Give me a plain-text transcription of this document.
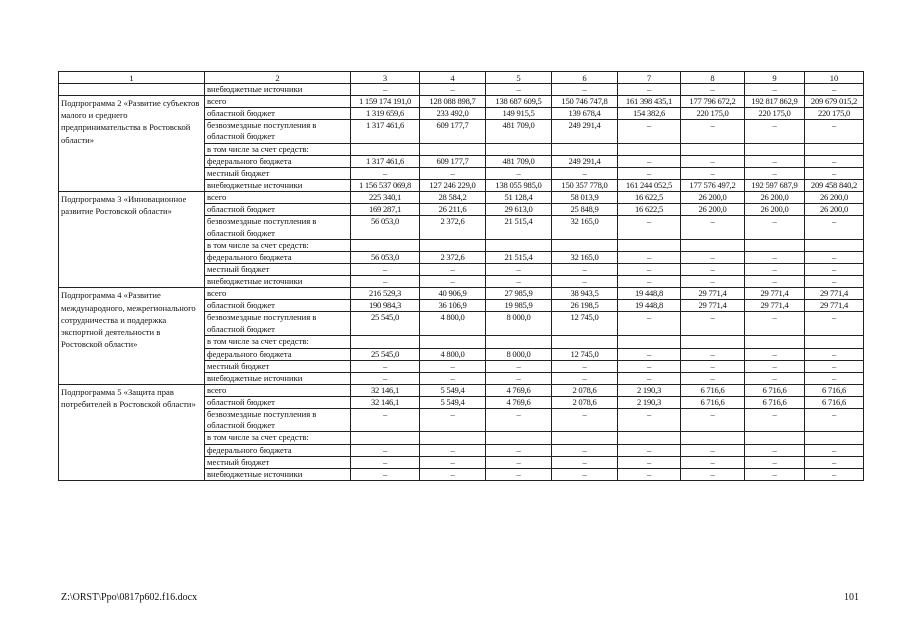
1	2	3	4	5	6	7	8	9	10
	внебюджетные источники	–	–	–	–	–	–	–	–
Подпрограмма 2 «Развитие субъектов малого и среднего предпринимательства в Ростовской области»	всего	1 159 174 191,0	128 088 898,7	138 687 609,5	150 746 747,8	161 398 435,1	177 796 672,2	192 817 862,9	209 679 015,2
	областной бюджет	1 319 659,6	233 492,0	149 915,5	139 678,4	154 382,6	220 175,0	220 175,0	220 175,0
	безвозмездные поступления в областной бюджет	1 317 461,6	609 177,7	481 709,0	249 291,4	–	–	–	–
	в том числе за счет средств:								
	федерального бюджета	1 317 461,6	609 177,7	481 709,0	249 291,4	–	–	–	–
	местный бюджет	–	–	–	–	–	–	–	–
	внебюджетные источники	1 156 537 069,8	127 246 229,0	138 055 985,0	150 357 778,0	161 244 052,5	177 576 497,2	192 597 687,9	209 458 840,2
Подпрограмма 3 «Инновационное развитие Ростовской области»	всего	225 340,1	28 584,2	51 128,4	58 013,9	16 622,5	26 200,0	26 200,0	26 200,0
	областной бюджет	169 287,1	26 211,6	29 613,0	25 848,9	16 622,5	26 200,0	26 200,0	26 200,0
	безвозмездные поступления в областной бюджет	56 053,0	2 372,6	21 515,4	32 165,0	–	–	–	–
	в том числе за счет средств:								
	федерального бюджета	56 053,0	2 372,6	21 515,4	32 165,0	–	–	–	–
	местный бюджет	–	–	–	–	–	–	–	–
	внебюджетные источники	–	–	–	–	–	–	–	–
Подпрограмма 4 «Развитие международного, межрегионального сотрудничества и поддержка экспортной деятельности в Ростовской области»	всего	216 529,3	40 906,9	27 985,9	38 943,5	19 448,8	29 771,4	29 771,4	29 771,4
	областной бюджет	190 984,3	36 106,9	19 985,9	26 198,5	19 448,8	29 771,4	29 771,4	29 771,4
	безвозмездные поступления в областной бюджет	25 545,0	4 800,0	8 000,0	12 745,0	–	–	–	–
	в том числе за счет средств:								
	федерального бюджета	25 545,0	4 800,0	8 000,0	12 745,0	–	–	–	–
	местный бюджет	–	–	–	–	–	–	–	–
	внебюджетные источники	–	–	–	–	–	–	–	–
Подпрограмма 5 «Защита прав потребителей в Ростовской области»	всего	32 146,1	5 549,4	4 769,6	2 078,6	2 190,3	6 716,6	6 716,6	6 716,6
	областной бюджет	32 146,1	5 549,4	4 769,6	2 078,6	2 190,3	6 716,6	6 716,6	6 716,6
	безвозмездные поступления в областной бюджет	–	–	–	–	–	–	–	–
	в том числе за счет средств:								
	федерального бюджета	–	–	–	–	–	–	–	–
	местный бюджет	–	–	–	–	–	–	–	–
	внебюджетные источники	–	–	–	–	–	–	–	–
Z:\ORST\Ppo\0817p602.f16.docx	101
